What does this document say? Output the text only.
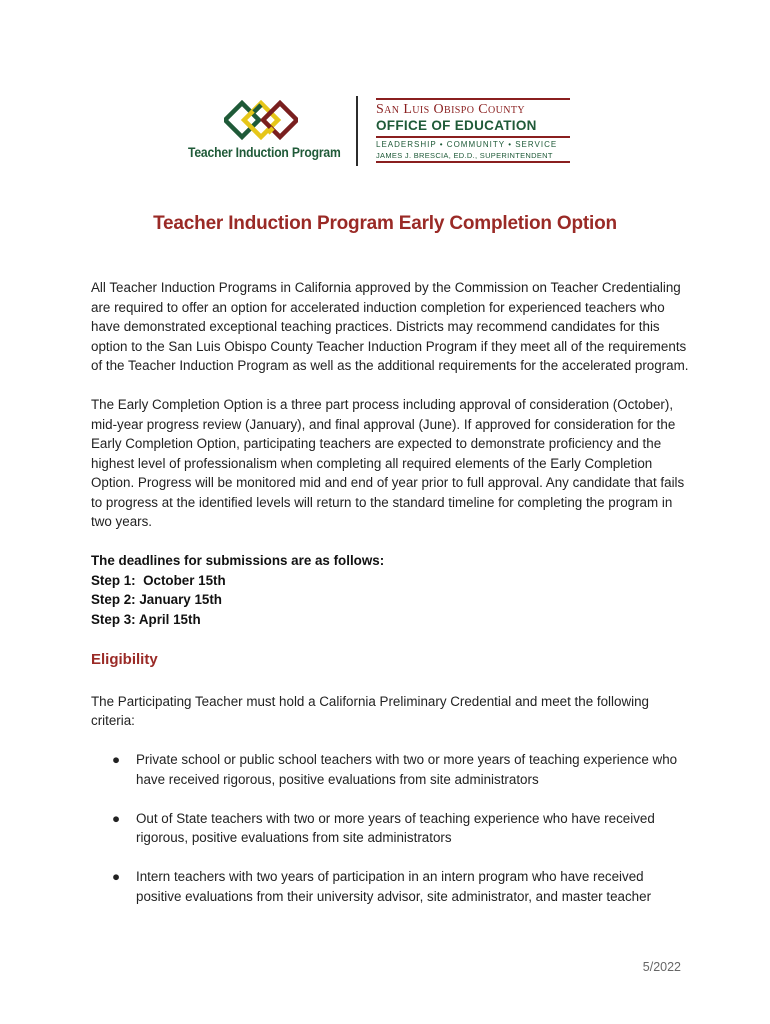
Teacher Induction Program
San Luis Obispo County
OFFICE OF EDUCATION
LEADERSHIP • COMMUNITY • SERVICE
JAMES J. BRESCIA, ED.D., SUPERINTENDENT
Teacher Induction Program Early Completion Option

All Teacher Induction Programs in California approved by the Commission on Teacher Credentialing are required to offer an option for accelerated induction completion for experienced teachers who have demonstrated exceptional teaching practices. Districts may recommend candidates for this option to the San Luis Obispo County Teacher Induction Program if they meet all of the requirements of the Teacher Induction Program as well as the additional requirements for the accelerated program.

The Early Completion Option is a three part process including approval of consideration (October), mid-year progress review (January), and final approval (June). If approved for consideration for the Early Completion Option, participating teachers are expected to demonstrate proficiency and the highest level of professionalism when completing all required elements of the Early Completion Option. Progress will be monitored mid and end of year prior to full approval. Any candidate that fails to progress at the identified levels will return to the standard timeline for completing the program in two years.

The deadlines for submissions are as follows:
Step 1:  October 15th
Step 2: January 15th
Step 3: April 15th
Eligibility

The Participating Teacher must hold a California Preliminary Credential and meet the following criteria:

● Private school or public school teachers with two or more years of teaching experience who have received rigorous, positive evaluations from site administrators
● Out of State teachers with two or more years of teaching experience who have received rigorous, positive evaluations from site administrators
● Intern teachers with two years of participation in an intern program who have received positive evaluations from their university advisor, site administrator, and master teacher
5/2022
